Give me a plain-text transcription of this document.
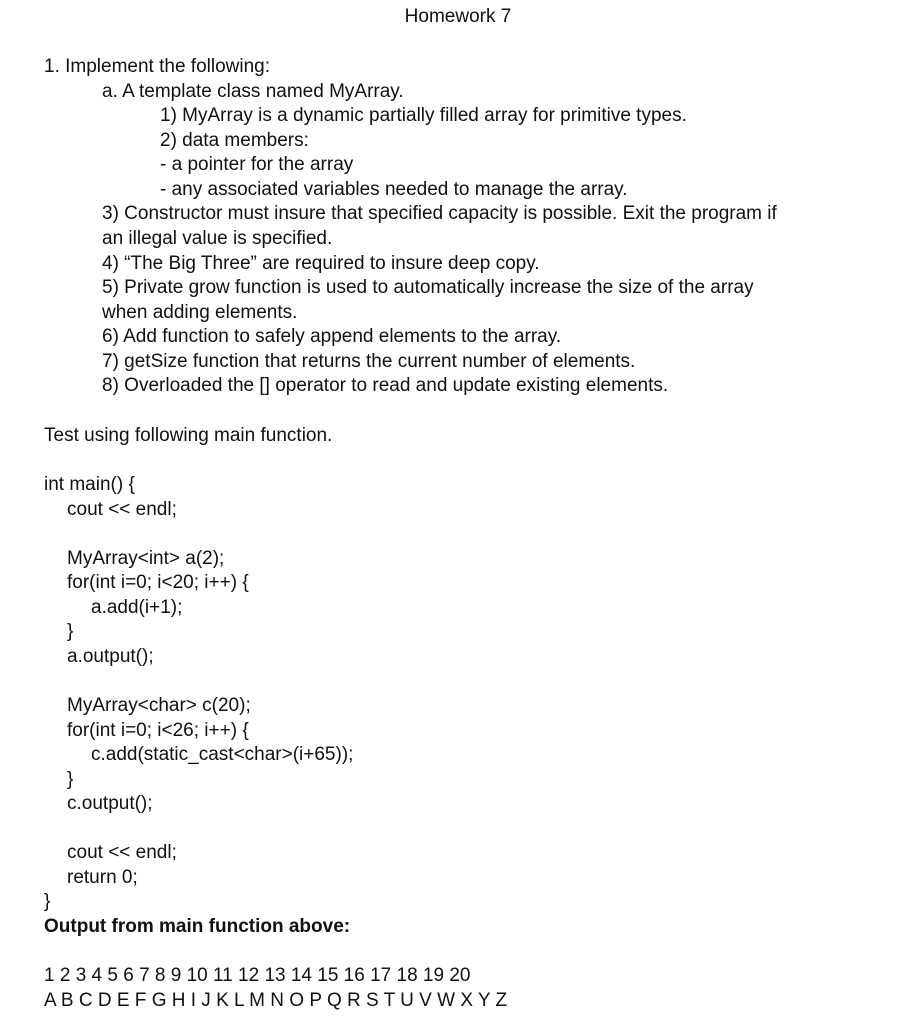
Homework 7
1. Implement the following:
a. A template class named MyArray.
1) MyArray is a dynamic partially filled array for primitive types.
2) data members:
- a pointer for the array
- any associated variables needed to manage the array.
3) Constructor must insure that specified capacity is possible. Exit the program if
an illegal value is specified.
4) “The Big Three” are required to insure deep copy.
5) Private grow function is used to automatically increase the size of the array
when adding elements.
6) Add function to safely append elements to the array.
7) getSize function that returns the current number of elements.
8) Overloaded the [] operator to read and update existing elements.
Test using following main function.
int main() {
cout << endl;
MyArray<int> a(2);
for(int i=0; i<20; i++) {
a.add(i+1);
}
a.output();
MyArray<char> c(20);
for(int i=0; i<26; i++) {
c.add(static_cast<char>(i+65));
}
c.output();
cout << endl;
return 0;
}
Output from main function above:
1 2 3 4 5 6 7 8 9 10 11 12 13 14 15 16 17 18 19 20
A B C D E F G H I J K L M N O P Q R S T U V W X Y Z
